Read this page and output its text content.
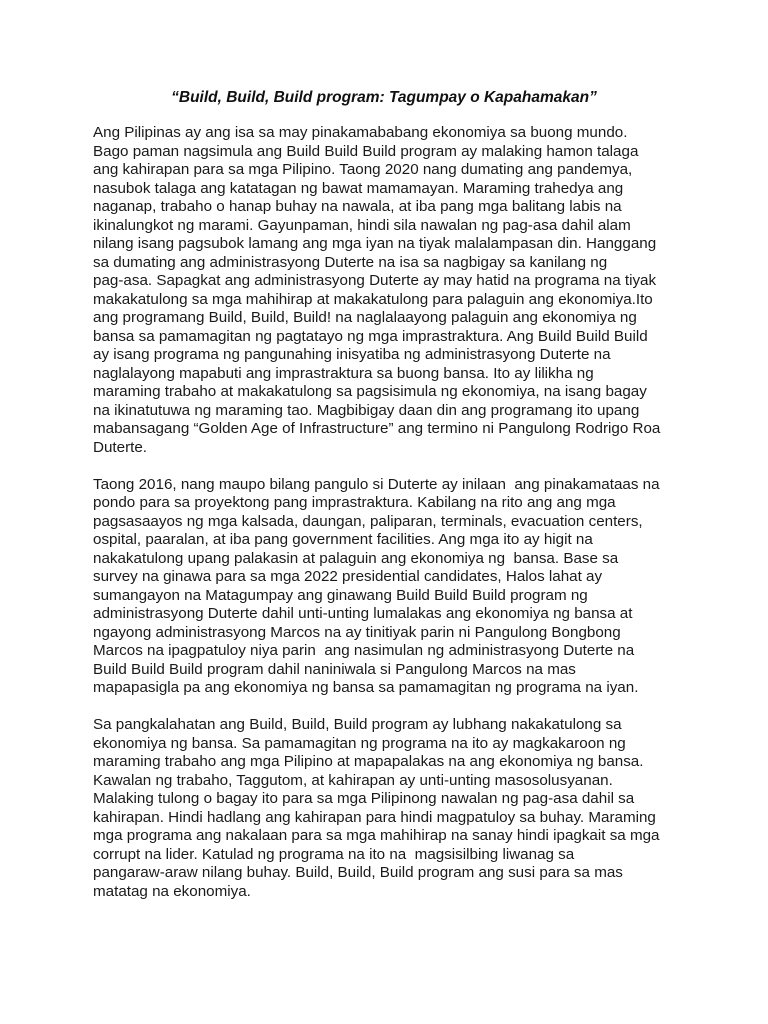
“Build, Build, Build program: Tagumpay o Kapahamakan”

Ang Pilipinas ay ang isa sa may pinakamababang ekonomiya sa buong mundo.
Bago paman nagsimula ang Build Build Build program ay malaking hamon talaga
ang kahirapan para sa mga Pilipino. Taong 2020 nang dumating ang pandemya,
nasubok talaga ang katatagan ng bawat mamamayan. Maraming trahedya ang
naganap, trabaho o hanap buhay na nawala, at iba pang mga balitang labis na
ikinalungkot ng marami. Gayunpaman, hindi sila nawalan ng pag-asa dahil alam
nilang isang pagsubok lamang ang mga iyan na tiyak malalampasan din. Hanggang
sa dumating ang administrasyong Duterte na isa sa nagbigay sa kanilang ng
pag-asa. Sapagkat ang administrasyong Duterte ay may hatid na programa na tiyak
makakatulong sa mga mahihirap at makakatulong para palaguin ang ekonomiya.Ito
ang programang Build, Build, Build! na naglalaayong palaguin ang ekonomiya ng
bansa sa pamamagitan ng pagtatayo ng mga imprastraktura. Ang Build Build Build
ay isang programa ng pangunahing inisyatiba ng administrasyong Duterte na
naglalayong mapabuti ang imprastraktura sa buong bansa. Ito ay lilikha ng
maraming trabaho at makakatulong sa pagsisimula ng ekonomiya, na isang bagay
na ikinatutuwa ng maraming tao. Magbibigay daan din ang programang ito upang
mabansagang “Golden Age of Infrastructure” ang termino ni Pangulong Rodrigo Roa
Duterte.

Taong 2016, nang maupo bilang pangulo si Duterte ay inilaan  ang pinakamataas na
pondo para sa proyektong pang imprastraktura. Kabilang na rito ang ang mga
pagsasaayos ng mga kalsada, daungan, paliparan, terminals, evacuation centers,
ospital, paaralan, at iba pang government facilities. Ang mga ito ay higit na
nakakatulong upang palakasin at palaguin ang ekonomiya ng  bansa. Base sa
survey na ginawa para sa mga 2022 presidential candidates, Halos lahat ay
sumangayon na Matagumpay ang ginawang Build Build Build program ng
administrasyong Duterte dahil unti-unting lumalakas ang ekonomiya ng bansa at
ngayong administrasyong Marcos na ay tinitiyak parin ni Pangulong Bongbong
Marcos na ipagpatuloy niya parin  ang nasimulan ng administrasyong Duterte na
Build Build Build program dahil naniniwala si Pangulong Marcos na mas
mapapasigla pa ang ekonomiya ng bansa sa pamamagitan ng programa na iyan.

Sa pangkalahatan ang Build, Build, Build program ay lubhang nakakatulong sa
ekonomiya ng bansa. Sa pamamagitan ng programa na ito ay magkakaroon ng
maraming trabaho ang mga Pilipino at mapapalakas na ang ekonomiya ng bansa.
Kawalan ng trabaho, Taggutom, at kahirapan ay unti-unting masosolusyanan.
Malaking tulong o bagay ito para sa mga Pilipinong nawalan ng pag-asa dahil sa
kahirapan. Hindi hadlang ang kahirapan para hindi magpatuloy sa buhay. Maraming
mga programa ang nakalaan para sa mga mahihirap na sanay hindi ipagkait sa mga
corrupt na lider. Katulad ng programa na ito na  magsisilbing liwanag sa
pangaraw-araw nilang buhay. Build, Build, Build program ang susi para sa mas
matatag na ekonomiya.
